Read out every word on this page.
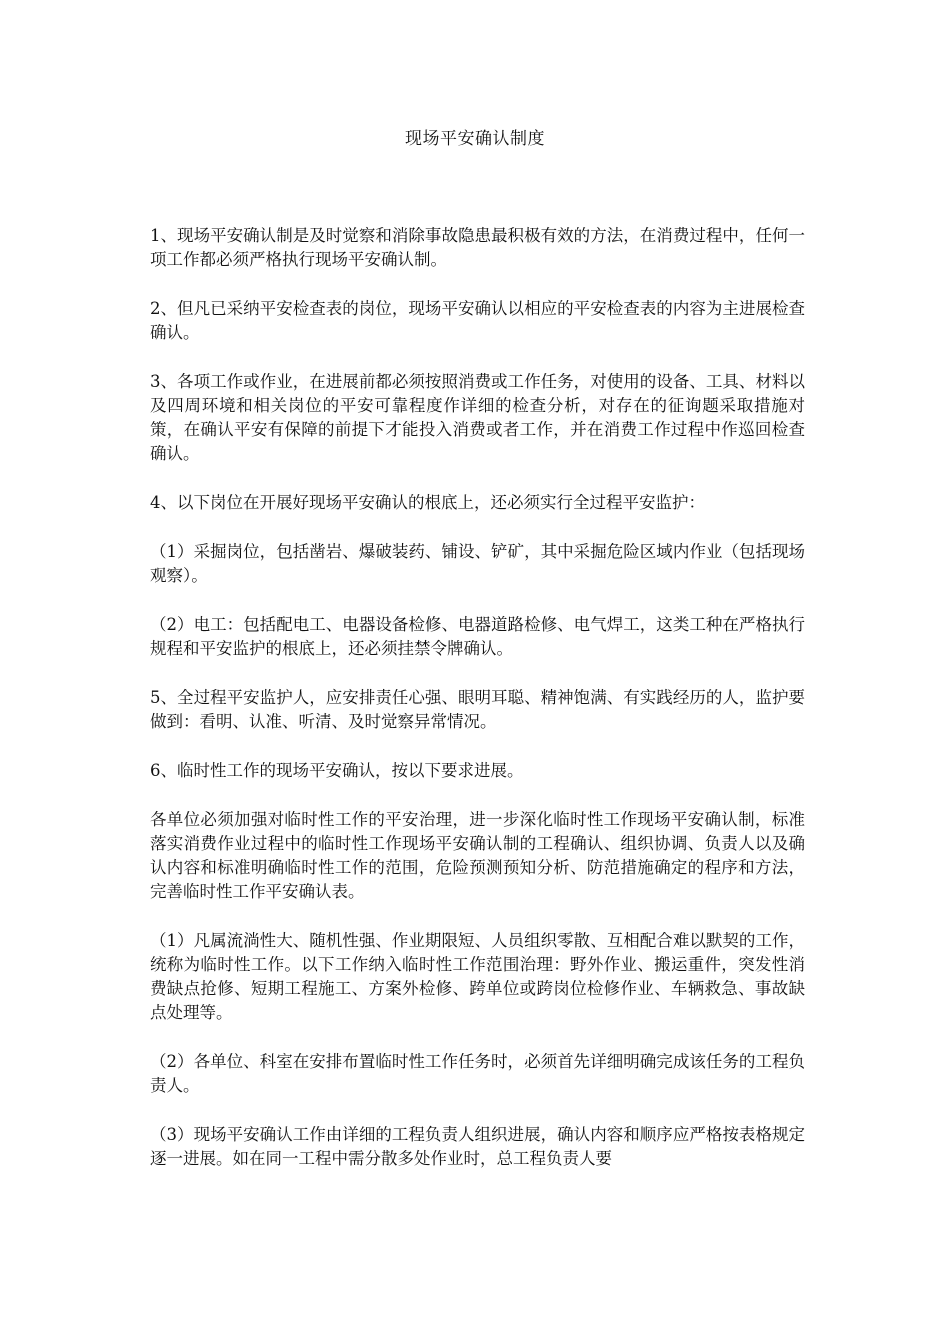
现场平安确认制度

1、现场平安确认制是及时觉察和消除事故隐患最积极有效的方法，在消费过程中，任何一项工作都必须严格执行现场平安确认制。

2、但凡已采纳平安检查表的岗位，现场平安确认以相应的平安检查表的内容为主进展检查确认。

3、各项工作或作业，在进展前都必须按照消费或工作任务，对使用的设备、工具、材料以及四周环境和相关岗位的平安可靠程度作详细的检查分析，对存在的征询题采取措施对策，在确认平安有保障的前提下才能投入消费或者工作，并在消费工作过程中作巡回检查确认。

4、以下岗位在开展好现场平安确认的根底上，还必须实行全过程平安监护：

（1）采掘岗位，包括凿岩、爆破装药、铺设、铲矿，其中采掘危险区域内作业（包括现场观察）。

（2）电工：包括配电工、电器设备检修、电器道路检修、电气焊工，这类工种在严格执行规程和平安监护的根底上，还必须挂禁令牌确认。

5、全过程平安监护人，应安排责任心强、眼明耳聪、精神饱满、有实践经历的人，监护要做到：看明、认准、听清、及时觉察异常情况。

6、临时性工作的现场平安确认，按以下要求进展。

各单位必须加强对临时性工作的平安治理，进一步深化临时性工作现场平安确认制，标准落实消费作业过程中的临时性工作现场平安确认制的工程确认、组织协调、负责人以及确认内容和标准明确临时性工作的范围，危险预测预知分析、防范措施确定的程序和方法，完善临时性工作平安确认表。

（1）凡属流淌性大、随机性强、作业期限短、人员组织零散、互相配合难以默契的工作，统称为临时性工作。以下工作纳入临时性工作范围治理：野外作业、搬运重件，突发性消费缺点抢修、短期工程施工、方案外检修、跨单位或跨岗位检修作业、车辆救急、事故缺点处理等。

（2）各单位、科室在安排布置临时性工作任务时，必须首先详细明确完成该任务的工程负责人。

（3）现场平安确认工作由详细的工程负责人组织进展，确认内容和顺序应严格按表格规定逐一进展。如在同一工程中需分散多处作业时，总工程负责人要
